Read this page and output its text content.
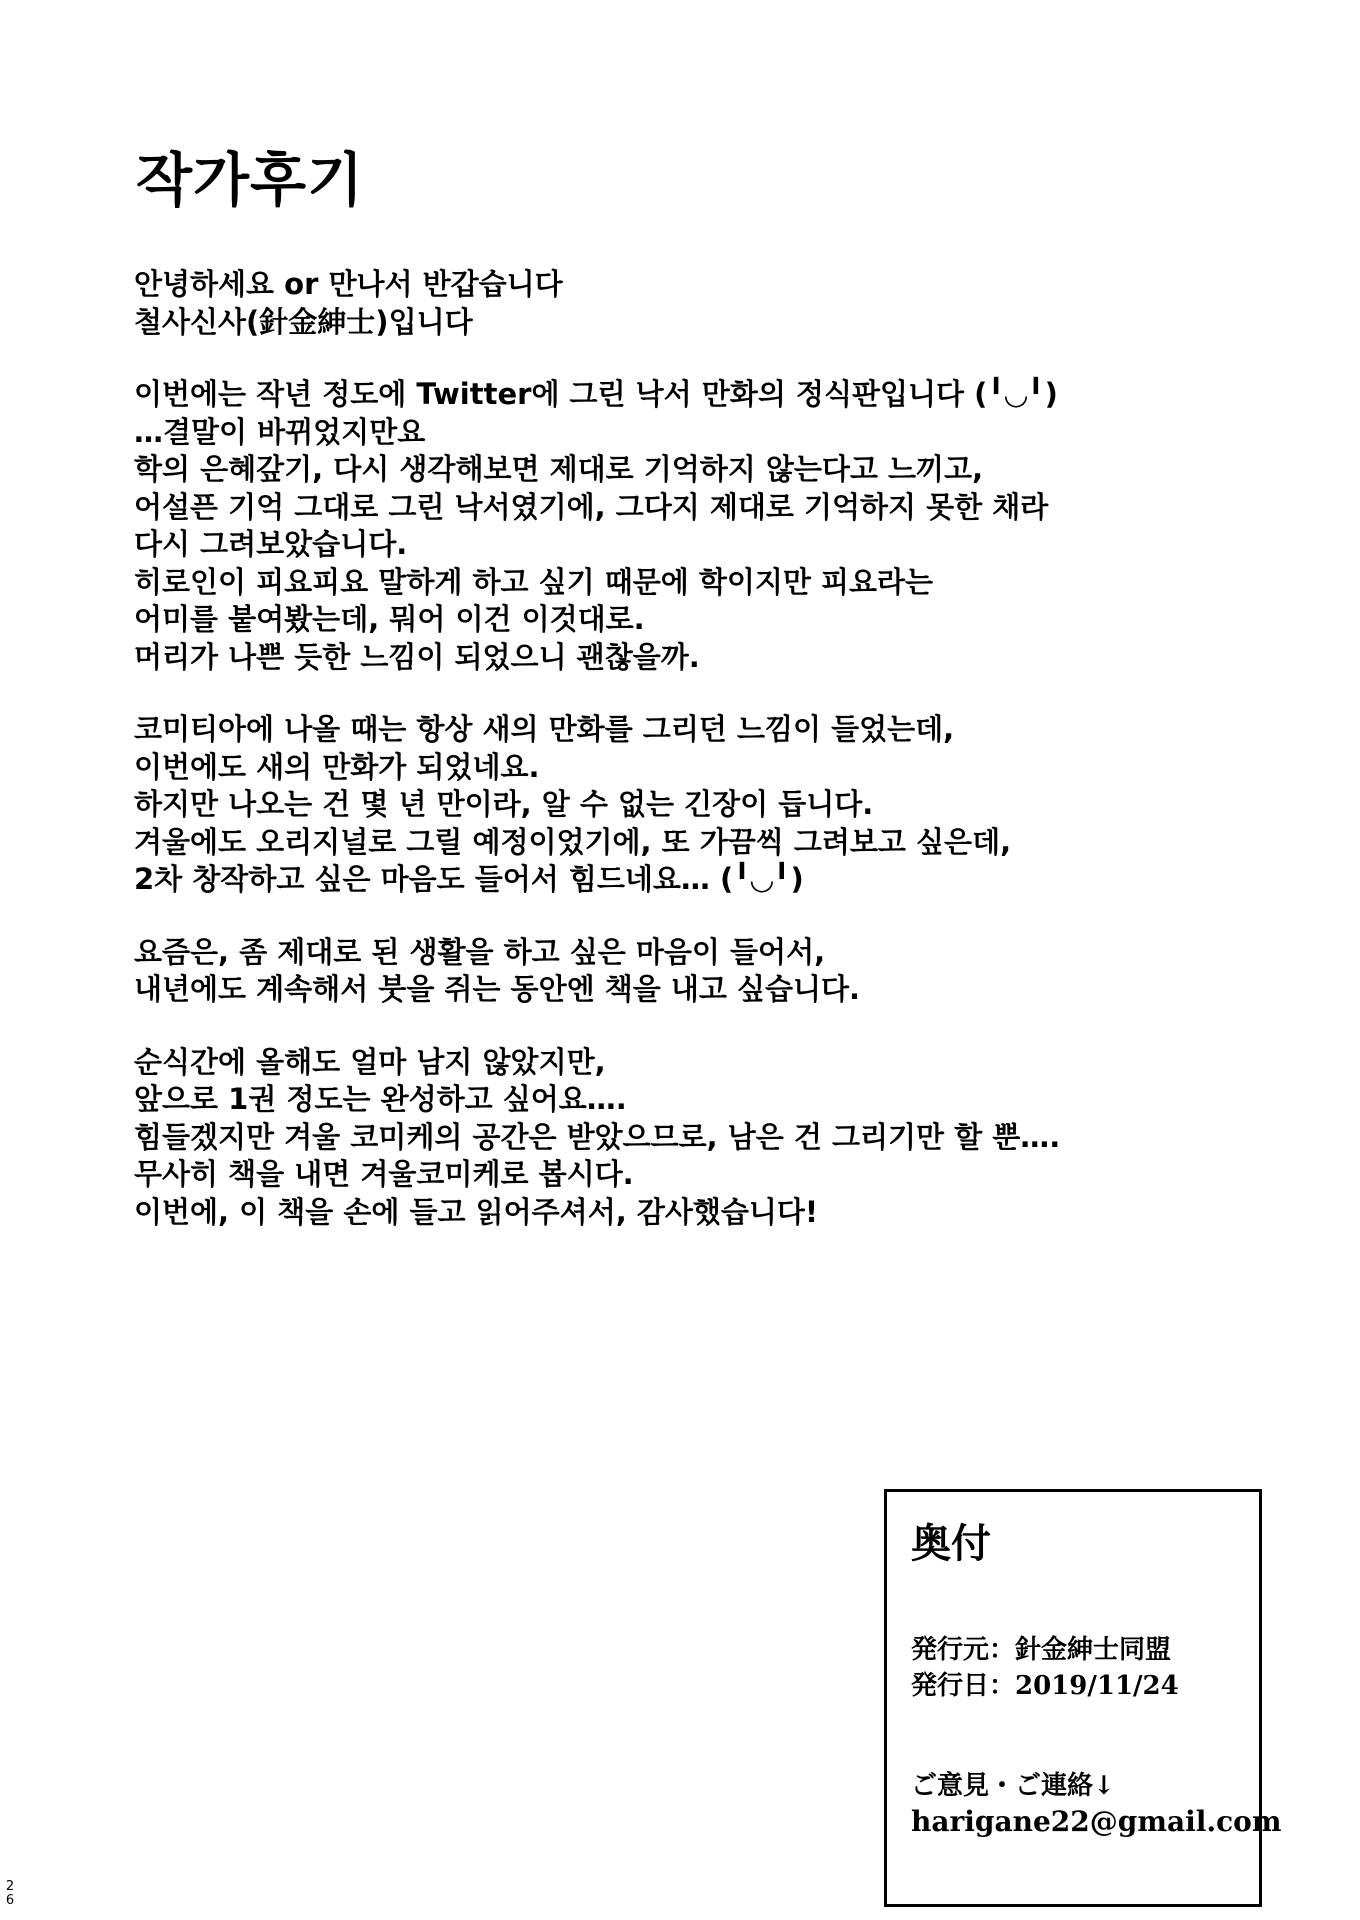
작가후기

안녕하세요 or 만나서 반갑습니다
철사신사(針金紳士)입니다

이번에는 작년 정도에 Twitter에 그린 낙서 만화의 정식판입니다 (╹◡╹)
…결말이 바뀌었지만요
학의 은혜갚기, 다시 생각해보면 제대로 기억하지 않는다고 느끼고,
어설픈 기억 그대로 그린 낙서였기에, 그다지 제대로 기억하지 못한 채라
다시 그려보았습니다.
히로인이 피요피요 말하게 하고 싶기 때문에 학이지만 피요라는
어미를 붙여봤는데, 뭐어 이건 이것대로.
머리가 나쁜 듯한 느낌이 되었으니 괜찮을까.

코미티아에 나올 때는 항상 새의 만화를 그리던 느낌이 들었는데,
이번에도 새의 만화가 되었네요.
하지만 나오는 건 몇 년 만이라, 알 수 없는 긴장이 듭니다.
겨울에도 오리지널로 그릴 예정이었기에, 또 가끔씩 그려보고 싶은데,
2차 창작하고 싶은 마음도 들어서 힘드네요… (╹◡╹)

요즘은, 좀 제대로 된 생활을 하고 싶은 마음이 들어서,
내년에도 계속해서 붓을 쥐는 동안엔 책을 내고 싶습니다.

순식간에 올해도 얼마 남지 않았지만,
앞으로 1권 정도는 완성하고 싶어요….
힘들겠지만 겨울 코미케의 공간은 받았으므로, 남은 건 그리기만 할 뿐….
무사히 책을 내면 겨울코미케로 봅시다.
이번에, 이 책을 손에 들고 읽어주셔서, 감사했습니다!

奥付
発行元：針金紳士同盟
発行日：2019/11/24
ご意見・ご連絡↓
harigane22@gmail.com
2
6
